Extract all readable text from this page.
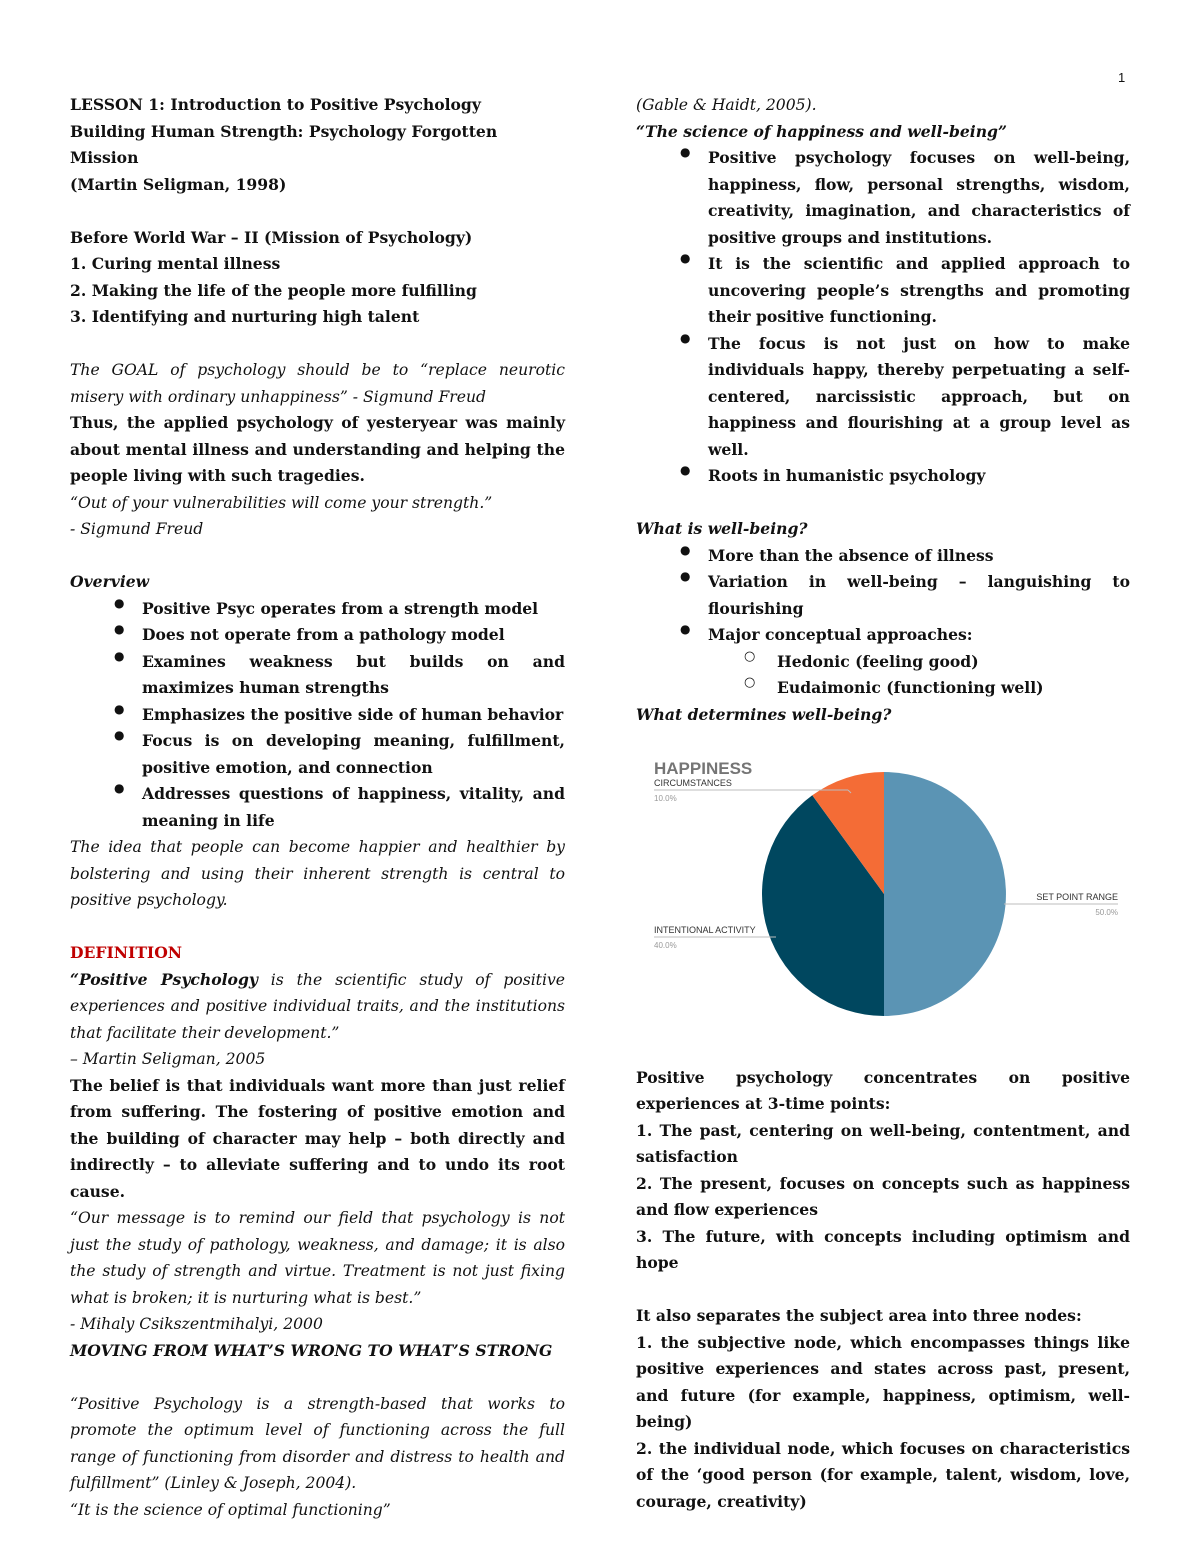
1
LESSON 1: Introduction to Positive Psychology
Building Human Strength: Psychology Forgotten Mission
(Martin Seligman, 1998)
Before World War – II (Mission of Psychology)
1. Curing mental illness
2. Making the life of the people more fulfilling
3. Identifying and nurturing high talent
The GOAL of psychology should be to “replace neurotic misery with ordinary unhappiness” - Sigmund Freud
Thus, the applied psychology of yesteryear was mainly about mental illness and understanding and helping the people living with such tragedies.
“Out of your vulnerabilities will come your strength.”
- Sigmund Freud
Overview
● Positive Psyc operates from a strength model
● Does not operate from a pathology model
● Examines weakness but builds on and maximizes human strengths
● Emphasizes the positive side of human behavior
● Focus is on developing meaning, fulfillment, positive emotion, and connection
● Addresses questions of happiness, vitality, and meaning in life
The idea that people can become happier and healthier by bolstering and using their inherent strength is central to positive psychology.
DEFINITION
“Positive Psychology is the scientific study of positive experiences and positive individual traits, and the institutions that facilitate their development.”
– Martin Seligman, 2005
The belief is that individuals want more than just relief from suffering. The fostering of positive emotion and the building of character may help – both directly and indirectly – to alleviate suffering and to undo its root cause.
“Our message is to remind our field that psychology is not just the study of pathology, weakness, and damage; it is also the study of strength and virtue. Treatment is not just fixing what is broken; it is nurturing what is best.”
- Mihaly Csikszentmihalyi, 2000
MOVING FROM WHAT’S WRONG TO WHAT’S STRONG
“Positive Psychology is a strength-based that works to promote the optimum level of functioning across the full range of functioning from disorder and distress to health and fulfillment” (Linley & Joseph, 2004).
“It is the science of optimal functioning”
(Gable & Haidt, 2005).
“The science of happiness and well-being”
● Positive psychology focuses on well-being, happiness, flow, personal strengths, wisdom, creativity, imagination, and characteristics of positive groups and institutions.
● It is the scientific and applied approach to uncovering people’s strengths and promoting their positive functioning.
● The focus is not just on how to make individuals happy, thereby perpetuating a self-centered, narcissistic approach, but on happiness and flourishing at a group level as well.
● Roots in humanistic psychology
What is well-being?
● More than the absence of illness
● Variation in well-being – languishing to flourishing
● Major conceptual approaches:
○ Hedonic (feeling good)
○ Eudaimonic (functioning well)
What determines well-being?
HAPPINESS
CIRCUMSTANCES
10.0%
SET POINT RANGE
50.0%
INTENTIONAL ACTIVITY
40.0%
Positive psychology concentrates on positive experiences at 3-time points:
1. The past, centering on well-being, contentment, and satisfaction
2. The present, focuses on concepts such as happiness and flow experiences
3. The future, with concepts including optimism and hope
It also separates the subject area into three nodes:
1. the subjective node, which encompasses things like positive experiences and states across past, present, and future (for example, happiness, optimism, well-being)
2. the individual node, which focuses on characteristics of the ‘good person (for example, talent, wisdom, love, courage, creativity)
